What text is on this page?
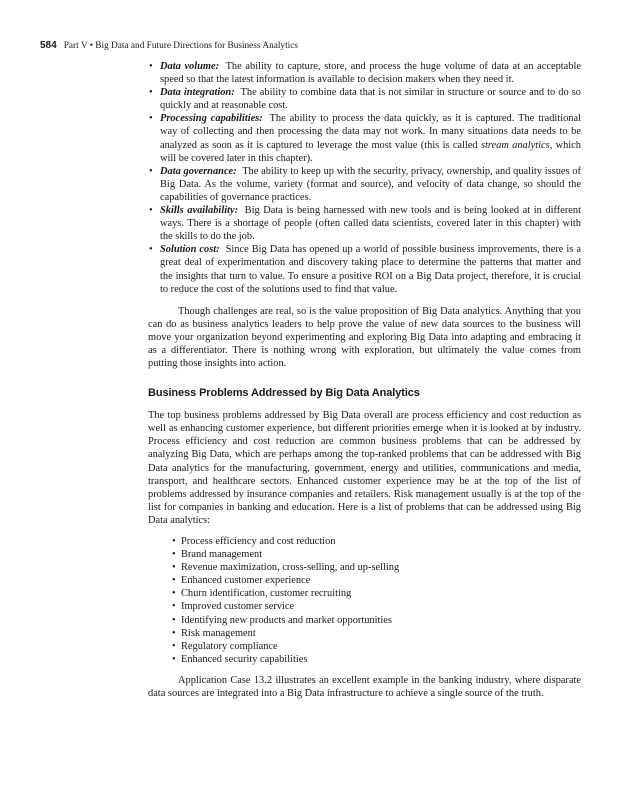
584 Part V • Big Data and Future Directions for Business Analytics
• Data volume: The ability to capture, store, and process the huge volume of data at an acceptable speed so that the latest information is available to decision makers when they need it.
• Data integration: The ability to combine data that is not similar in structure or source and to do so quickly and at reasonable cost.
• Processing capabilities: The ability to process the data quickly, as it is captured. The traditional way of collecting and then processing the data may not work. In many situations data needs to be analyzed as soon as it is captured to leverage the most value (this is called stream analytics, which will be covered later in this chapter).
• Data governance: The ability to keep up with the security, privacy, ownership, and quality issues of Big Data. As the volume, variety (format and source), and velocity of data change, so should the capabilities of governance practices.
• Skills availability: Big Data is being harnessed with new tools and is being looked at in different ways. There is a shortage of people (often called data scientists, covered later in this chapter) with the skills to do the job.
• Solution cost: Since Big Data has opened up a world of possible business improvements, there is a great deal of experimentation and discovery taking place to determine the patterns that matter and the insights that turn to value. To ensure a positive ROI on a Big Data project, therefore, it is crucial to reduce the cost of the solutions used to find that value.

Though challenges are real, so is the value proposition of Big Data analytics. Anything that you can do as business analytics leaders to help prove the value of new data sources to the business will move your organization beyond experimenting and exploring Big Data into adapting and embracing it as a differentiator. There is nothing wrong with exploration, but ultimately the value comes from putting those insights into action.

Business Problems Addressed by Big Data Analytics

The top business problems addressed by Big Data overall are process efficiency and cost reduction as well as enhancing customer experience, but different priorities emerge when it is looked at by industry. Process efficiency and cost reduction are common business problems that can be addressed by analyzing Big Data, which are perhaps among the top-ranked problems that can be addressed with Big Data analytics for the manufacturing, government, energy and utilities, communications and media, transport, and healthcare sectors. Enhanced customer experience may be at the top of the list of problems addressed by insurance companies and retailers. Risk management usually is at the top of the list for companies in banking and education. Here is a list of problems that can be addressed using Big Data analytics:

• Process efficiency and cost reduction
• Brand management
• Revenue maximization, cross-selling, and up-selling
• Enhanced customer experience
• Churn identification, customer recruiting
• Improved customer service
• Identifying new products and market opportunities
• Risk management
• Regulatory compliance
• Enhanced security capabilities

Application Case 13.2 illustrates an excellent example in the banking industry, where disparate data sources are integrated into a Big Data infrastructure to achieve a single source of the truth.
